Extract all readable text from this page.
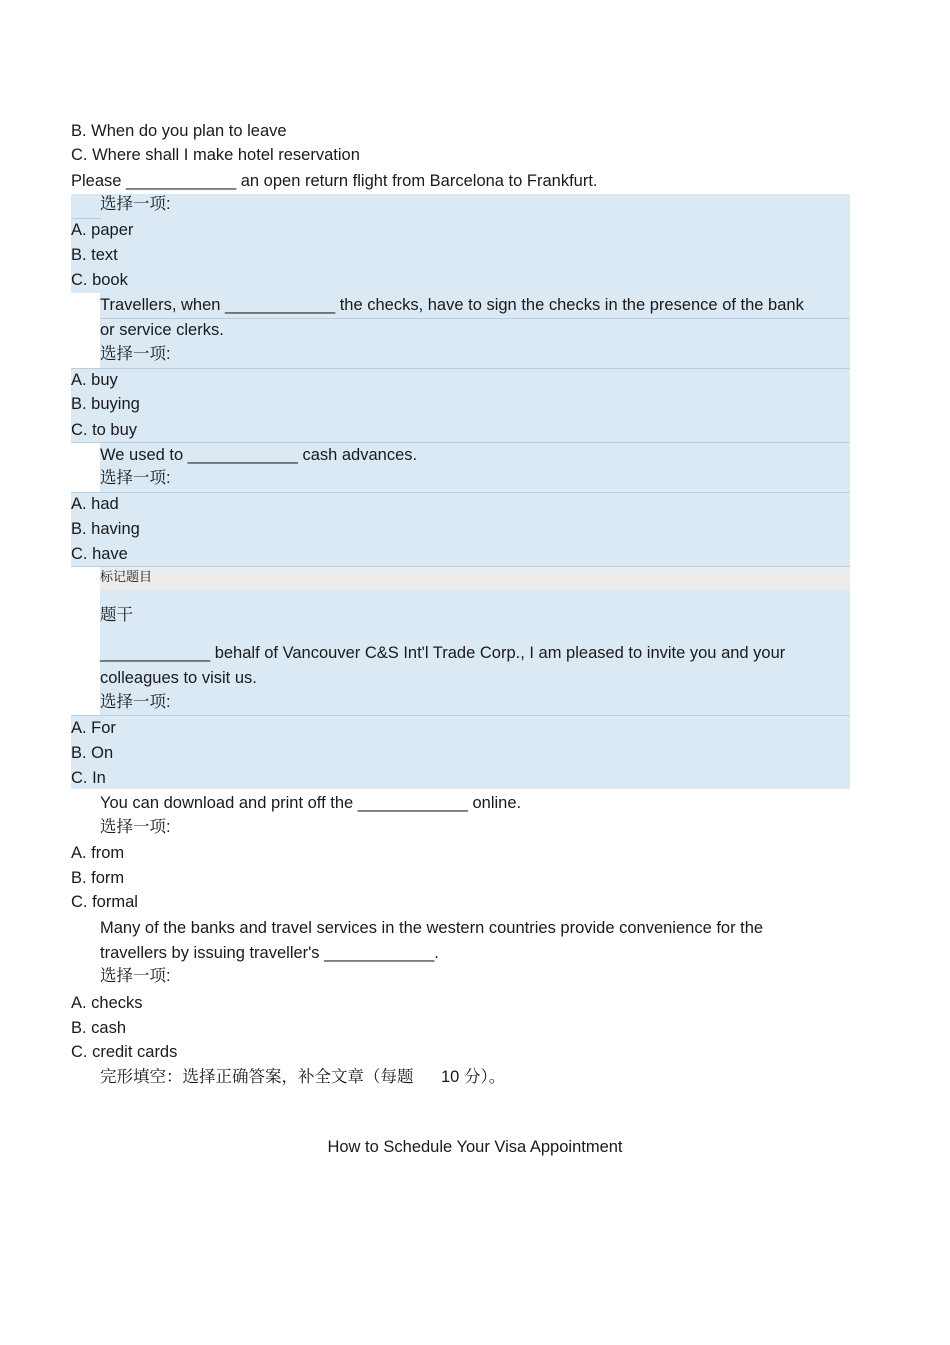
B. When do you plan to leave
C. Where shall I make hotel reservation
Please ____________ an open return flight from Barcelona to Frankfurt.
选择一项:
A. paper
B. text
C. book
Travellers, when ____________ the checks, have to sign the checks in the presence of the bank
or service clerks.
选择一项:
A. buy
B. buying
C. to buy
We used to ____________ cash advances.
选择一项:
A. had
B. having
C. have
标记题目
题干
____________ behalf of Vancouver C&S Int'l Trade Corp., I am pleased to invite you and your
colleagues to visit us.
选择一项:
A. For
B. On
C. In
You can download and print off the ____________ online.
选择一项:
A. from
B. form
C. formal
Many of the banks and travel services in the western countries provide convenience for the
travellers by issuing traveller's ____________.
选择一项:
A. checks
B. cash
C. credit cards
完形填空：选择正确答案，补全文章（每题      10 分）。
How to Schedule Your Visa Appointment
